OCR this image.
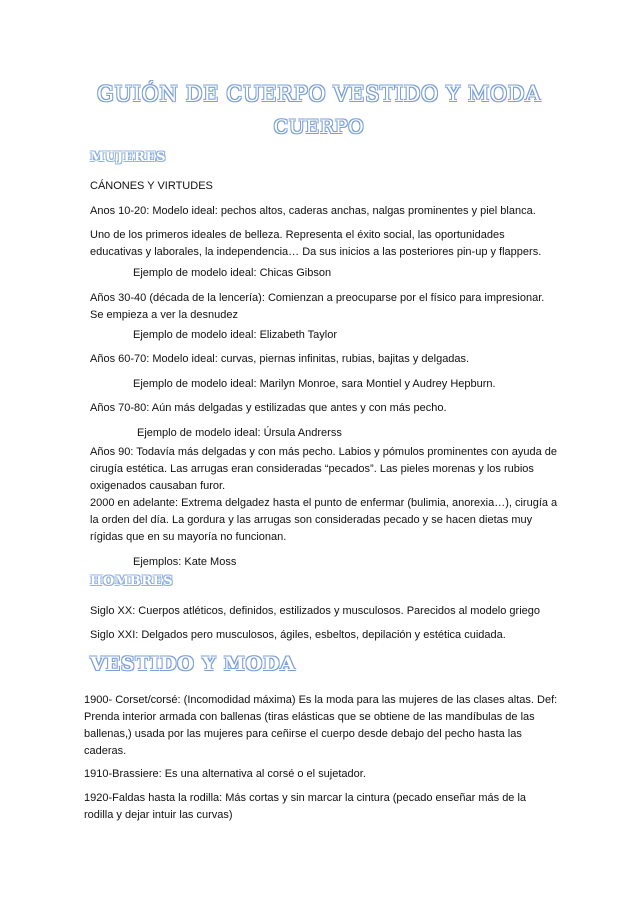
GUIÓN DE CUERPO VESTIDO Y MODA
CUERPO
MUJERES

CÁNONES Y VIRTUDES

Anos 10-20: Modelo ideal: pechos altos, caderas anchas, nalgas prominentes y piel blanca.

Uno de los primeros ideales de belleza. Representa el éxito social, las oportunidades educativas y laborales, la independencia… Da sus inicios a las posteriores pin-up y flappers.

Ejemplo de modelo ideal: Chicas Gibson

Años 30-40 (década de la lencería): Comienzan a preocuparse por el físico para impresionar. Se empieza a ver la desnudez

Ejemplo de modelo ideal: Elizabeth Taylor

Años 60-70: Modelo ideal: curvas, piernas infinitas, rubias, bajitas y delgadas.

Ejemplo de modelo ideal: Marilyn Monroe, sara Montiel y Audrey Hepburn.

Años 70-80: Aún más delgadas y estilizadas que antes y con más pecho.

Ejemplo de modelo ideal: Úrsula Andrerss

Años 90: Todavía más delgadas y con más pecho. Labios y pómulos prominentes con ayuda de cirugía estética. Las arrugas eran consideradas “pecados”. Las pieles morenas y los rubios oxigenados causaban furor.

2000 en adelante: Extrema delgadez hasta el punto de enfermar (bulimia, anorexia…), cirugía a la orden del día. La gordura y las arrugas son consideradas pecado y se hacen dietas muy rígidas que en su mayoría no funcionan.

Ejemplos: Kate Moss

HOMBRES

Siglo XX: Cuerpos atléticos, definidos, estilizados y musculosos. Parecidos al modelo griego

Siglo XXI: Delgados pero musculosos, ágiles, esbeltos, depilación y estética cuidada.

VESTIDO Y MODA

1900- Corset/corsé: (Incomodidad máxima) Es la moda para las mujeres de las clases altas. Def: Prenda interior armada con ballenas (tiras elásticas que se obtiene de las mandíbulas de las ballenas,) usada por las mujeres para ceñirse el cuerpo desde debajo del pecho hasta las caderas.

1910-Brassiere: Es una alternativa al corsé o el sujetador.

1920-Faldas hasta la rodilla: Más cortas y sin marcar la cintura (pecado enseñar más de la rodilla y dejar intuir las curvas)
